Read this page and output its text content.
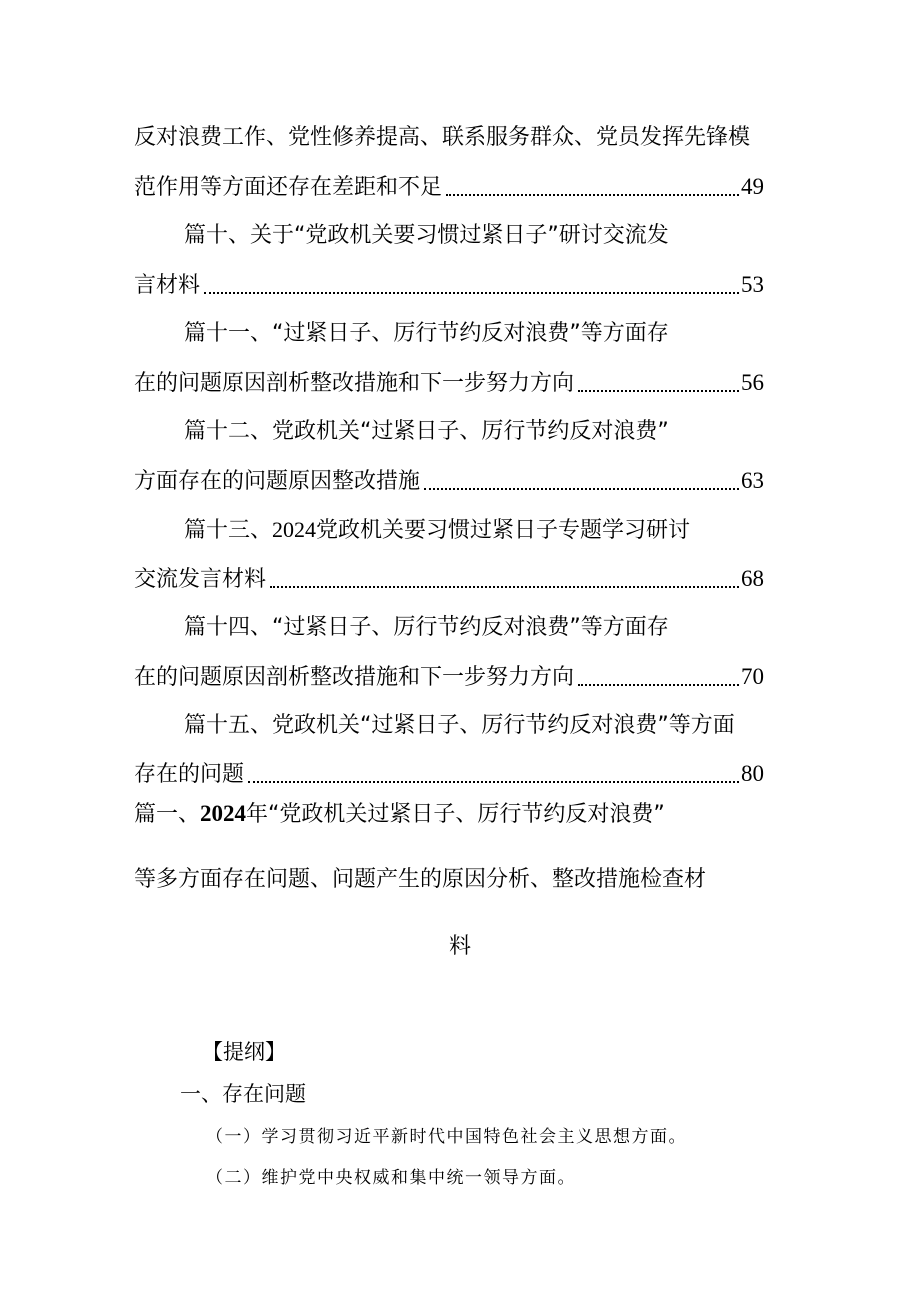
反对浪费工作、党性修养提高、联系服务群众、党员发挥先锋模
范作用等方面还存在差距和不足	49
篇十、关于“党政机关要习惯过紧日子”研讨交流发
言材料	53
篇十一、“过紧日子、厉行节约反对浪费”等方面存
在的问题原因剖析整改措施和下一步努力方向	56
篇十二、党政机关“过紧日子、厉行节约反对浪费”
方面存在的问题原因整改措施	63
篇十三、2024党政机关要习惯过紧日子专题学习研讨
交流发言材料	68
篇十四、“过紧日子、厉行节约反对浪费”等方面存
在的问题原因剖析整改措施和下一步努力方向	70
篇十五、党政机关“过紧日子、厉行节约反对浪费”等方面
存在的问题	80
篇一、2024年“党政机关过紧日子、厉行节约反对浪费”
等多方面存在问题、问题产生的原因分析、整改措施检查材
料
【提纲】
一、存在问题
（一）学习贯彻习近平新时代中国特色社会主义思想方面。
（二）维护党中央权威和集中统一领导方面。
